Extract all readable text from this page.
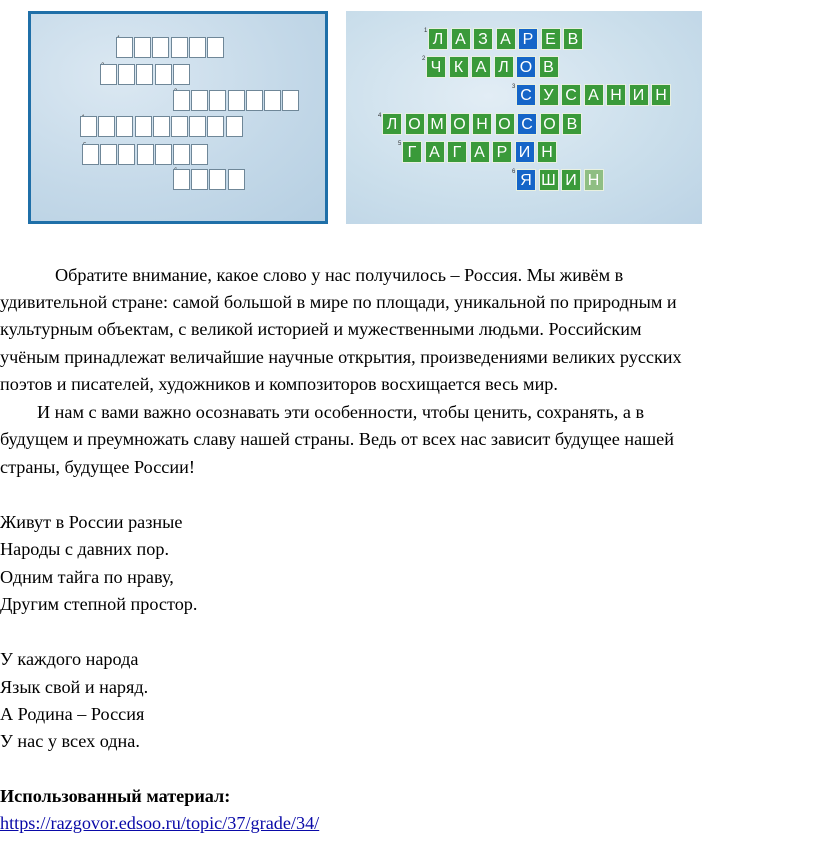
1 Л А З А Р Е В
2 Ч К А Л О В
3 С У С А Н И Н
4 Л О М О Н О С О В
5 Г А Г А Р И Н
6 Я Ш И Н
Обратите внимание, какое слово у нас получилось – Россия. Мы живём в
удивительной стране: самой большой в мире по площади, уникальной по природным и
культурным объектам, с великой историей и мужественными людьми. Российским
учёным принадлежат величайшие научные открытия, произведениями великих русских
поэтов и писателей, художников и композиторов восхищается весь мир.
И нам с вами важно осознавать эти особенности, чтобы ценить, сохранять, а в
будущем и преумножать славу нашей страны. Ведь от всех нас зависит будущее нашей
страны, будущее России!
Живут в России разные
Народы с давних пор.
Одним тайга по нраву,
Другим степной простор.
У каждого народа
Язык свой и наряд.
А Родина – Россия
У нас у всех одна.
Использованный материал:
https://razgovor.edsoo.ru/topic/37/grade/34/
